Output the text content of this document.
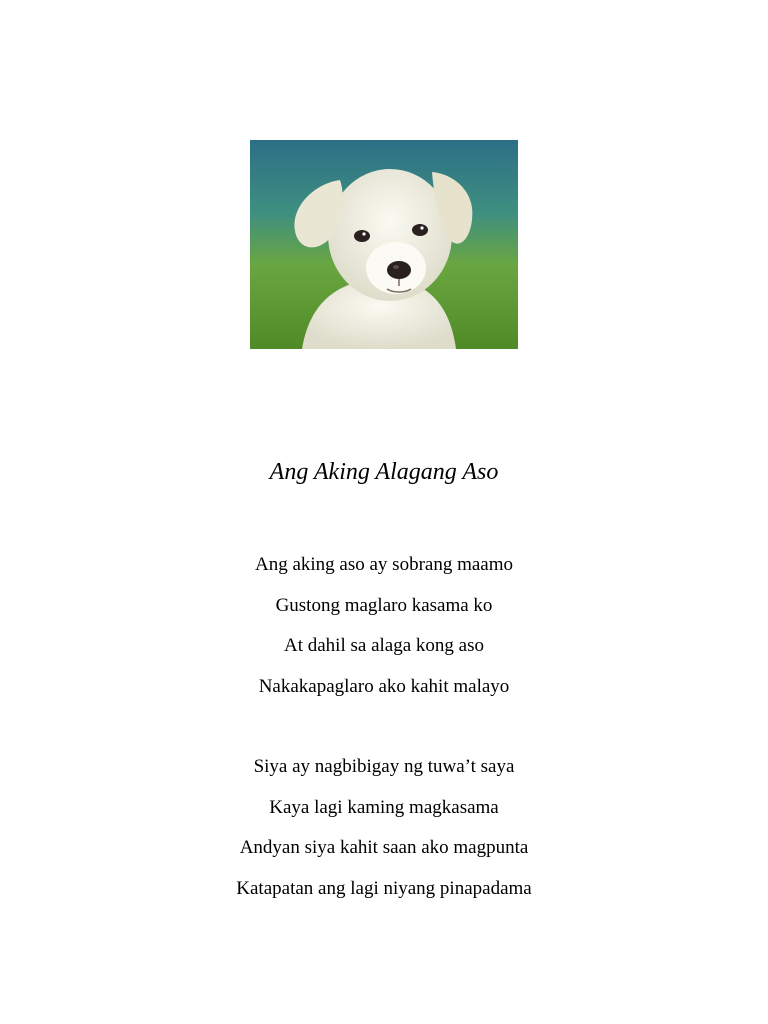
Ang Aking Alagang Aso
Ang aking aso ay sobrang maamo
Gustong maglaro kasama ko
At dahil sa alaga kong aso
Nakakapaglaro ako kahit malayo
Siya ay nagbibigay ng tuwa’t saya
Kaya lagi kaming magkasama
Andyan siya kahit saan ako magpunta
Katapatan ang lagi niyang pinapadama
